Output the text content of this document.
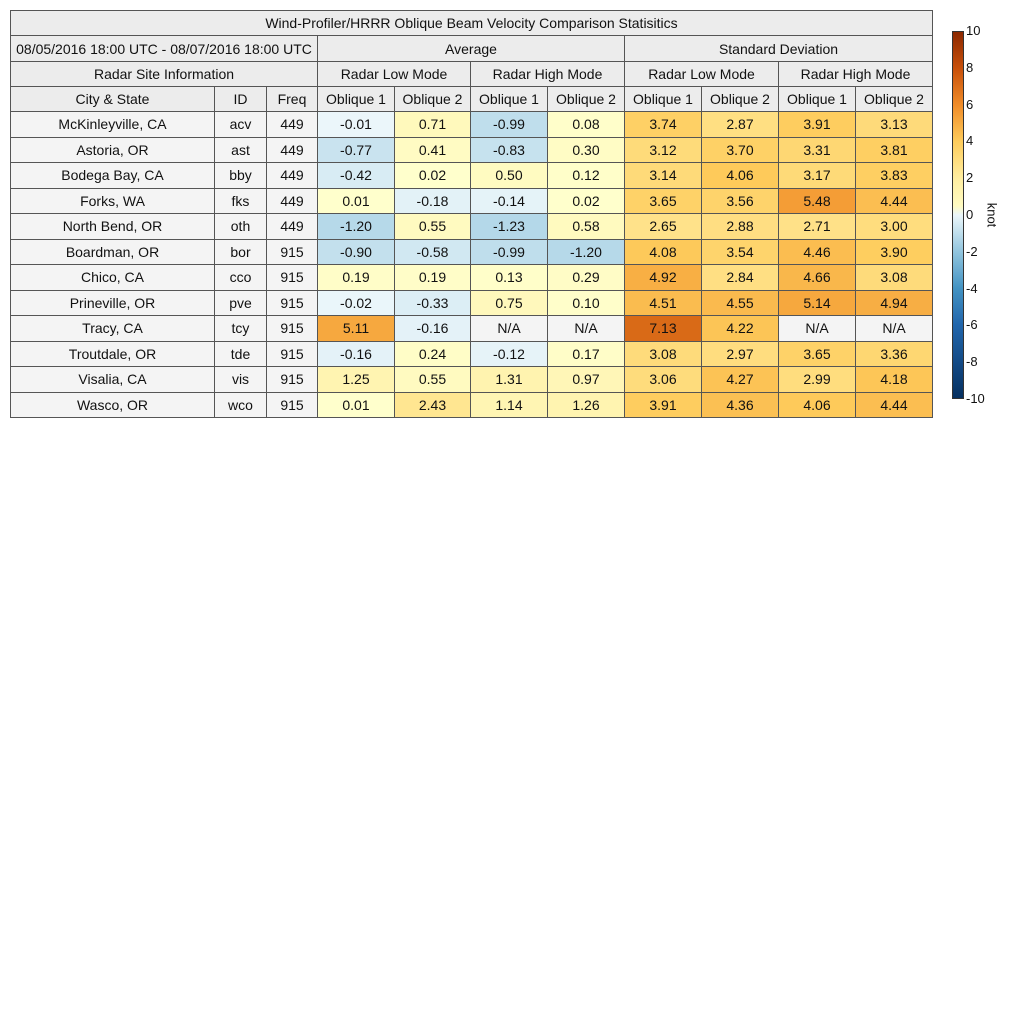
Wind-Profiler/HRRR Oblique Beam Velocity Comparison Statisitics										
08/05/2016 18:00 UTC - 08/07/2016 18:00 UTC			Average				Standard Deviation			
Radar Site Information			Radar Low Mode		Radar High Mode		Radar Low Mode		Radar High Mode	
City & State	ID	Freq	Oblique 1	Oblique 2	Oblique 1	Oblique 2	Oblique 1	Oblique 2	Oblique 1	Oblique 2
McKinleyville, CA	acv	449	-0.01	0.71	-0.99	0.08	3.74	2.87	3.91	3.13
Astoria, OR	ast	449	-0.77	0.41	-0.83	0.30	3.12	3.70	3.31	3.81
Bodega Bay, CA	bby	449	-0.42	0.02	0.50	0.12	3.14	4.06	3.17	3.83
Forks, WA	fks	449	0.01	-0.18	-0.14	0.02	3.65	3.56	5.48	4.44
North Bend, OR	oth	449	-1.20	0.55	-1.23	0.58	2.65	2.88	2.71	3.00
Boardman, OR	bor	915	-0.90	-0.58	-0.99	-1.20	4.08	3.54	4.46	3.90
Chico, CA	cco	915	0.19	0.19	0.13	0.29	4.92	2.84	4.66	3.08
Prineville, OR	pve	915	-0.02	-0.33	0.75	0.10	4.51	4.55	5.14	4.94
Tracy, CA	tcy	915	5.11	-0.16	N/A	N/A	7.13	4.22	N/A	N/A
Troutdale, OR	tde	915	-0.16	0.24	-0.12	0.17	3.08	2.97	3.65	3.36
Visalia, CA	vis	915	1.25	0.55	1.31	0.97	3.06	4.27	2.99	4.18
Wasco, OR	wco	915	0.01	2.43	1.14	1.26	3.91	4.36	4.06	4.44
10
8
6
4
2
0
-2
-4
-6
-8
-10
knot
